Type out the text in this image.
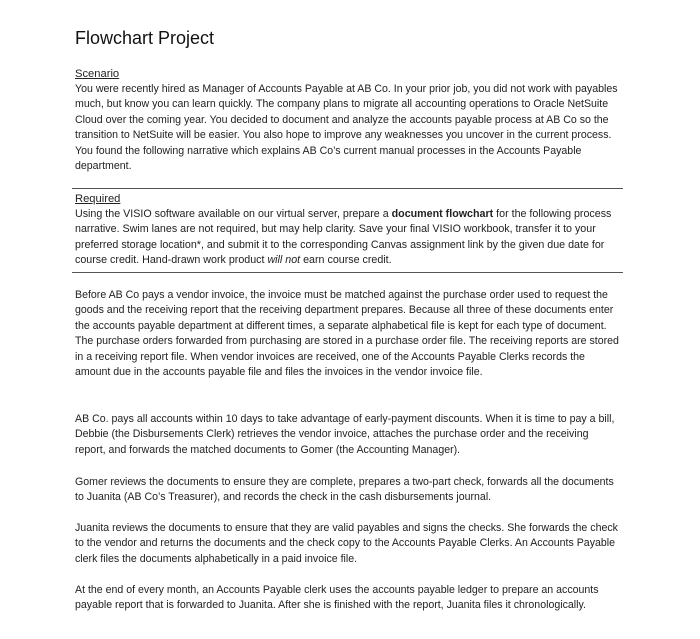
Flowchart Project

Scenario

You were recently hired as Manager of Accounts Payable at AB Co. In your prior job, you did not work with payables much, but know you can learn quickly. The company plans to migrate all accounting operations to Oracle NetSuite Cloud over the coming year. You decided to document and analyze the accounts payable process at AB Co so the transition to NetSuite will be easier. You also hope to improve any weaknesses you uncover in the current process. You found the following narrative which explains AB Co’s current manual processes in the Accounts Payable department.

Required

Using the VISIO software available on our virtual server, prepare a document flowchart for the following process narrative. Swim lanes are not required, but may help clarity. Save your final VISIO workbook, transfer it to your preferred storage location*, and submit it to the corresponding Canvas assignment link by the given due date for course credit. Hand-drawn work product will not earn course credit.

Before AB Co pays a vendor invoice, the invoice must be matched against the purchase order used to request the goods and the receiving report that the receiving department prepares. Because all three of these documents enter the accounts payable department at different times, a separate alphabetical file is kept for each type of document. The purchase orders forwarded from purchasing are stored in a purchase order file. The receiving reports are stored in a receiving report file. When vendor invoices are received, one of the Accounts Payable Clerks records the amount due in the accounts payable file and files the invoices in the vendor invoice file.

AB Co. pays all accounts within 10 days to take advantage of early-payment discounts. When it is time to pay a bill, Debbie (the Disbursements Clerk) retrieves the vendor invoice, attaches the purchase order and the receiving report, and forwards the matched documents to Gomer (the Accounting Manager).

Gomer reviews the documents to ensure they are complete, prepares a two-part check, forwards all the documents to Juanita (AB Co’s Treasurer), and records the check in the cash disbursements journal.

Juanita reviews the documents to ensure that they are valid payables and signs the checks. She forwards the check to the vendor and returns the documents and the check copy to the Accounts Payable Clerks. An Accounts Payable clerk files the documents alphabetically in a paid invoice file.

At the end of every month, an Accounts Payable clerk uses the accounts payable ledger to prepare an accounts payable report that is forwarded to Juanita. After she is finished with the report, Juanita files it chronologically.
